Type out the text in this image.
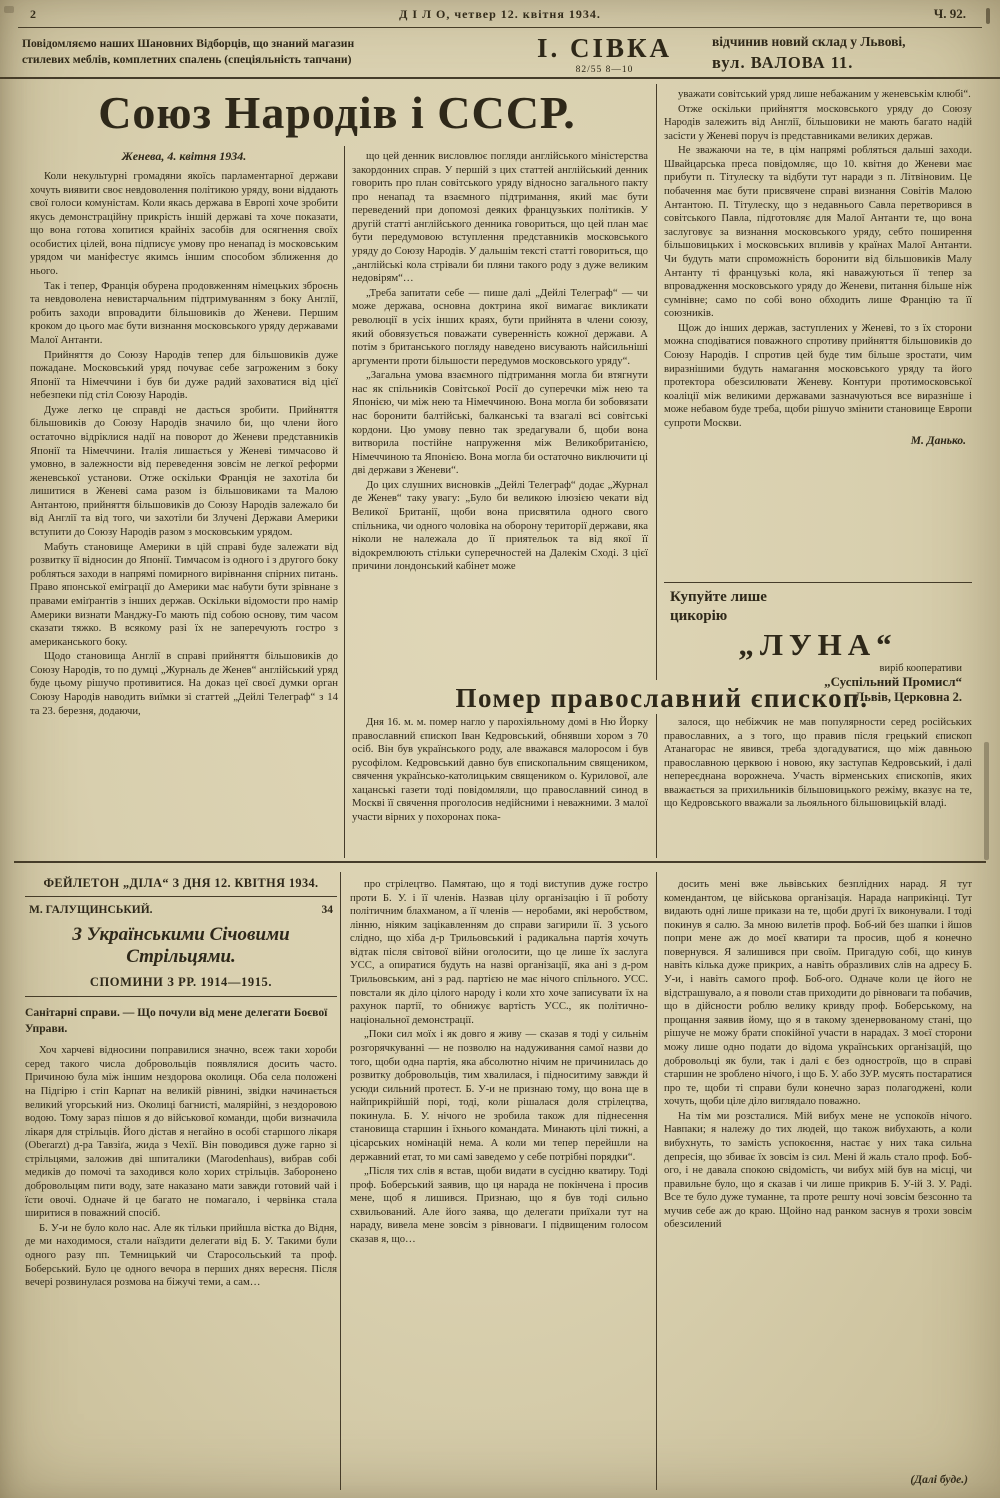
2	Д І Л О, четвер 12. квітня 1934.	Ч. 92.
Повідомляємо наших Шановних Відборців, що знаний магазин
стилевих меблів, комплетних спалень (спеціяльність тапчани)	І. СІВКА
82/55 8—10
відчинив новий склад у Львові,
вул. ВАЛОВА 11.
Союз Народів і СССР.
Женева, 4. квітня 1934.

Коли некультурні громадяни якоїсь парламентарної держави хочуть виявити своє невдоволення політикою уряду, вони віддають свої голоси комуністам. Коли якась держава в Европі хоче зробити якусь демонстраційну прикрість іншій державі та хоче показати, що вона готова хопитися крайніх засобів для осягнення своїх особистих цілей, вона підписує умову про ненапад із московським урядом чи маніфестує якимсь іншим способом зближення до нього.

Так і тепер, Франція обурена продовженням німецьких зброєнь та невдоволена невистарчальним підтримуванням з боку Англії, робить заходи впровадити більшовиків до Женеви. Першим кроком до цього має бути визнання московського уряду державами Малої Антанти.

Прийняття до Союзу Народів тепер для більшовиків дуже пожадане. Московський уряд почуває себе загроженим з боку Японії та Німеччини і був би дуже радий заховатися від цієї небезпеки під стіл Союзу Народів.

Дуже легко це справді не дасться зробити. Прийняття більшовиків до Союзу Народів значило би, що члени його остаточно відріклися надії на поворот до Женеви представників Японії та Німеччини. Італія лишається у Женеві тимчасово й умовно, в залежности від переведення зовсім не легкої реформи женевської установи. Отже оскільки Франція не захотіла би лишитися в Женеві сама разом із більшовиками та Малою Антантою, прийняття більшовиків до Союзу Народів залежало би від Англії та від того, чи захотіли би Злучені Держави Америки вступити до Союзу Народів разом з московським урядом.

Мабуть становище Америки в цій справі буде залежати від розвитку її відносин до Японії. Тимчасом із одного і з другого боку робляться заходи в напрямі помирного вирівнання спірних питань. Право японської еміграції до Америки має набути бути зрівнане з правами еміґрантів з інших держав. Оскільки відомости про намір Америки визнати Манджу-Го мають під собою основу, тим часом сказати тяжко. В всякому разі їх не заперечують гостро з американського боку.

Щодо становища Англії в справі прийняття більшовиків до Союзу Народів, то по думці „Журналь де Женев“ англійський уряд буде цьому рішучо противитися. На доказ цеї своєї думки орган Союзу Народів наводить виїмки зі статтей „Дейлі Телеграф“ з 14 та 23. березня, додаючи,

що цей денник висловлює погляди англійського міністерства закордонних справ. У першій з цих статтей англійський денник говорить про план совітського уряду відносно загального пакту про ненапад та взаємного підтримання, який має бути переведений при допомозі деяких французьких політиків. У другій статті англійського денника говориться, що цей план має бути передумовою вступлення представників московського уряду до Союзу Народів. У дальшім тексті статті говориться, що „англійські кола стрівали би пляни такого роду з дуже великим недовірям“…

„Треба запитати себе — пише далі „Дейлі Телеграф“ — чи може держава, основна доктрина якої вимагає викликати революції в усіх інших краях, бути прийнята в члени союзу, який обовязується поважати суверенність кожної держави. А потім з британського погляду наведено висувають найсильніші аргументи проти більшости передумов московського уряду“.

„Загальна умова взаємного підтримання могла би втягнути нас як спільників Совітської Росії до суперечки між нею та Японією, чи між нею та Німеччиною. Вона могла би зобовязати нас боронити балтійські, балканські та взагалі всі совітські кордони. Цю умову певно так зредагували б, щоби вона витворила постійне напруження між Великобританією, Німеччиною та Японією. Вона могла би остаточно виключити ці дві держави з Женеви“.

До цих слушних висновків „Дейлі Телеграф“ додає „Журнал де Женев“ таку увагу: „Було би великою ілюзією чекати від Великої Британії, щоби вона присвятила одного свого спільника, чи одного чоловіка на оборону території держави, яка ніколи не належала до її приятельок та від якої її відокремлюють стільки суперечностей на Далекім Сході. З цієї причини лондонський кабінет може

уважати совітський уряд лише небажаним у женевськім клюбі“.

Отже оскільки прийняття московського уряду до Союзу Народів залежить від Англії, більшовики не мають багато надій засісти у Женеві поруч із представниками великих держав.

Не зважаючи на те, в цім напрямі робляться дальші заходи. Швайцарська преса повідомляє, що 10. квітня до Женеви має прибути п. Тітулеску та відбути тут наради з п. Літвіновим. Це побачення має бути присвячене справі визнання Совітів Малою Антантою. П. Тітулеску, що з недавнього Савла перетворився в совітського Павла, підготовляє для Малої Антанти те, що вона заслуговує за визнання московського уряду, себто поширення більшовицьких і московських впливів у країнах Малої Антанти. Чи будуть мати спроможність боронити від більшовиків Малу Антанту ті французькі кола, які наважуються її тепер за впровадження московського уряду до Женеви, питання більше ніж сумнівне; само по собі воно обходить лише Францію та її союзників.

Щож до інших держав, заступлених у Женеві, то з їх сторони можна сподіватися поважного спротиву прийняття більшовиків до Союзу Народів. І спротив цей буде тим більше зростати, чим виразнішими будуть намагання московського уряду та його протектора обезсилювати Женеву. Контури протимосковської коаліції між великими державами зазначуються все виразніше і може небавом буде треба, щоби рішучо змінити становище Европи супроти Москви.

М. Данько.
Купуйте лише
цикорію
„ЛУНА“
виріб кооперативи
„Суспільний Промисл“
Львів, Церковна 2.
Помер православний єпископ.

Дня 16. м. м. помер нагло у парохіяльному домі в Ню Йорку православний єпископ Іван Кедровський, обнявши хором з 70 осіб. Він був українського роду, але вважався малоросом і був русофілом. Кедровський давно був єпископальним священиком, свячення українсько-католицьким священиком о. Курилової, але хацанські газети тоді повідомляли, що православний синод в Москві її свячення проголосив недійсними і неважними. З малої участи вірних у похоронах пока-

залося, що небіжчик не мав популярности серед російських православних, а з того, що правив після грецький єпископ Атанагорас не явився, треба здогадуватися, що між давньою православною церквою і новою, яку заступав Кедровський, і далі непереєднана ворожнеча. Участь вірменських єпископів, яких вважається за прихильників більшовицького режіму, вказує на те, що Кедровського вважали за льояльного більшовицькій владі.

ФЕЙЛЕТОН „ДІЛА“ З ДНЯ 12. КВІТНЯ 1934.
М. ГАЛУЩИНСЬКИЙ.	34
З Українськими Січовими Стрільцями.
СПОМИНИ З РР. 1914—1915.
Санітарні справи. — Що почули від мене делегати Боєвої Управи.

Хоч харчеві відносини поправилися значно, всеж таки хороби серед такого числа добровольців появлялися досить часто. Причиною була між іншим нездорова околиця. Оба села положені на Підгірю і стіп Карпат на великій рівнині, звідки начинається великий угорський низ. Околиці багнисті, малярійні, з нездоровою водою. Тому зараз пішов я до військової команди, щоби визначила лікаря для стрільців. Його дістав я негайно в особі старшого лікаря (Oberarzt) д-ра Тавзіґа, жида з Чехії. Він поводився дуже гарно зі стрільцями, заложив дві шпиталики (Marodenhaus), вибрав собі медиків до помочі та заходився коло хорих стрільців. Заборонено добровольцям пити воду, зате наказано мати завжди готовий чай і їсти овочі. Одначе й це багато не помагало, і червінка стала ширитися в поважний спосіб.

Б. У-и не було коло нас. Але як тільки прийшла вістка до Відня, де ми находимося, стали наїздити делегати від Б. У. Такими були одного разу пп. Темницький чи Старосольський та проф. Боберський. Було це одного вечора в перших днях вересня. Після вечері розвинулася розмова на біжучі теми, а сам…

про стрілецтво. Памятаю, що я тоді виступив дуже гостро проти Б. У. і її членів. Назвав цілу організацію і її роботу політичним блахманом, а її членів — неробами, які неробством, лінню, ніяким зацікавленням до справи загирили її. З усього слідно, що хіба д-р Трильовський і радикальна партія хочуть відтак після світової війни оголосити, що це лише їх заслуга УСС, а опиратися будуть на назві організації, яка ані з д-ром Трильовським, ані з рад. партією не має нічого спільного. УСС. повстали як діло цілого народу і коли хто хоче записувати їх на рахунок партії, то обнижує вартість УСС., як політично-національної демонстрації.

„Поки сил моїх і як довго я живу — сказав я тоді у сильнім розгорячкуванні — не позволю на надуживання самої назви до того, щоби одна партія, яка абсолютно нічим не причинилась до розвитку добровольців, тим хвалилася, і підноситиму завжди й усюди сильний протест. Б. У-и не признаю тому, що вона ще в найприкрійшій порі, тоді, коли рішалася доля стрілецтва, покинула. Б. У. нічого не зробила також для піднесення становища старшин і їхнього командата. Минають цілі тижні, а цісарських номінацій нема. А коли ми тепер перейшли на державний етат, то ми самі заведемо у себе потрібні порядки“.

„Після тих слів я встав, щоби видати в сусідню кватиру. Тоді проф. Боберський заявив, що ця нарада не покінчена і просив мене, щоб я лишився. Признаю, що я був тоді сильно схвильований. Але його заява, що делегати приїхали тут на нараду, вивела мене зовсім з рівноваги. І підвищеним голосом сказав я, що…

досить мені вже львівських безплідних нарад. Я тут комендантом, це військова організація. Нарада наприкінці. Тут видають одні лише прикази на те, щоби другі їх виконували. І тоді покинув я салю. За мною вилетів проф. Боб-ий без шапки і йшов попри мене аж до моєї кватири та просив, щоб я конечно повернувся. Я залишився при своїм. Пригадую собі, що кинув навіть кілька дуже прикрих, а навіть образливих слів на адресу Б. У-и, і навіть самого проф. Боб-ого. Одначе коли це його не відстрашувало, а я поволи став приходити до рівноваги та побачив, що в дійсности роблю велику кривду проф. Боберському, на прощання заявив йому, що я в такому зденервованому стані, що рішуче не можу брати спокійної участи в нарадах. З моєї сторони можу лише одно подати до відома українських організацій, що добровольці як були, так і далі є без одностроїв, що в справі старшин не зроблено нічого, і що Б. У. або ЗУР. мусять постаратися про те, щоби ті справи були конечно зараз полагоджені, коли хочуть, щоби ціле діло виглядало поважно.

На тім ми розсталися. Мій вибух мене не успокоїв нічого. Навпаки; я належу до тих людей, що також вибухають, а коли вибухнуть, то замість успокоєння, настає у них така сильна депресія, що збиває їх зовсім із сил. Мені й жаль стало проф. Боб-ого, і не давала спокою свідомість, чи вибух мій був на місці, чи правильне було, що я сказав і чи лише прикрив Б. У-ій З. У. Раді. Все те було дуже туманне, та проте решту ночі зовсім безсонно та мучив себе аж до краю. Щойно над ранком заснув я трохи зовсім обезсилений

(Далі буде.)
